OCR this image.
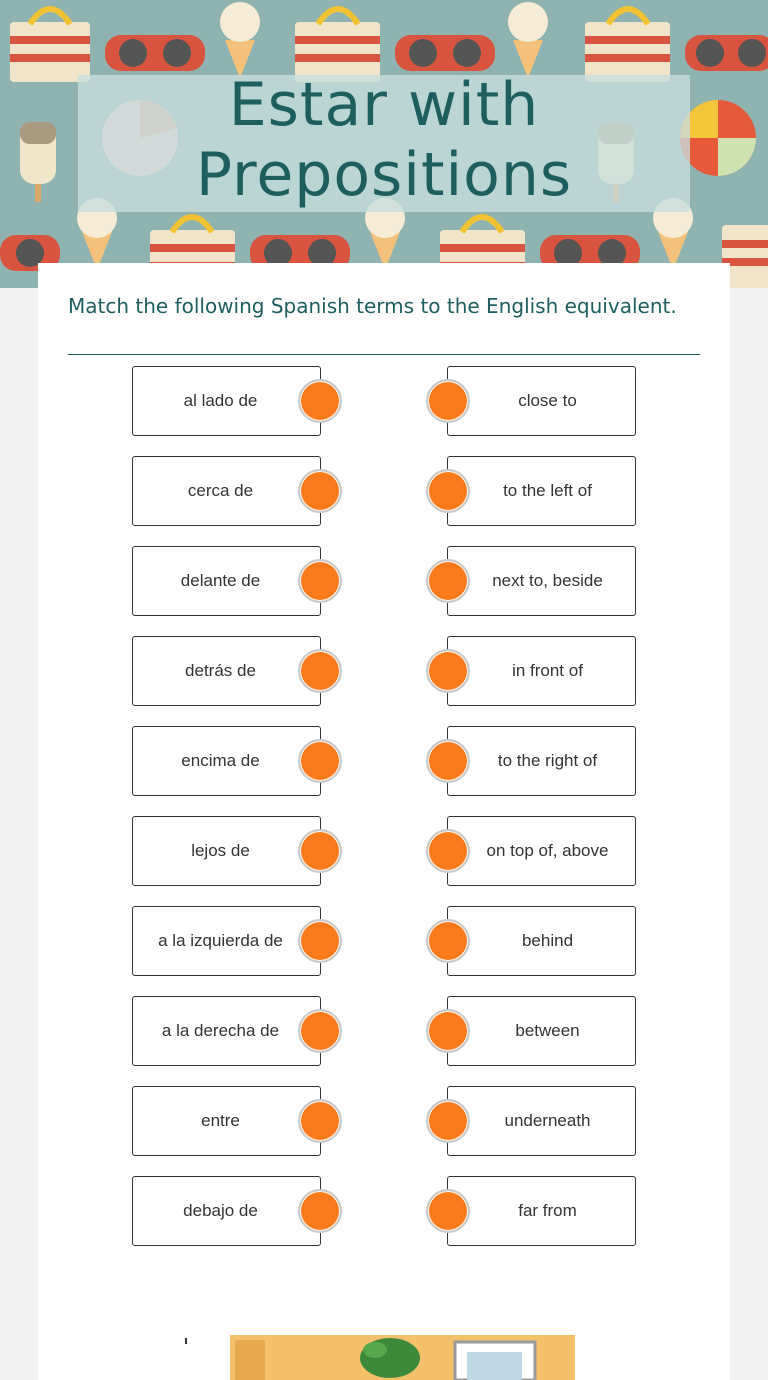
Estar with
Prepositions
Match the following Spanish terms to the English equivalent.
al lado de
cerca de
delante de
detrás de
encima de
lejos de
a la izquierda de
a la derecha de
entre
debajo de
close to
to the left of
next to, beside
in front of
to the right of
on top of, above
behind
between
underneath
far from
